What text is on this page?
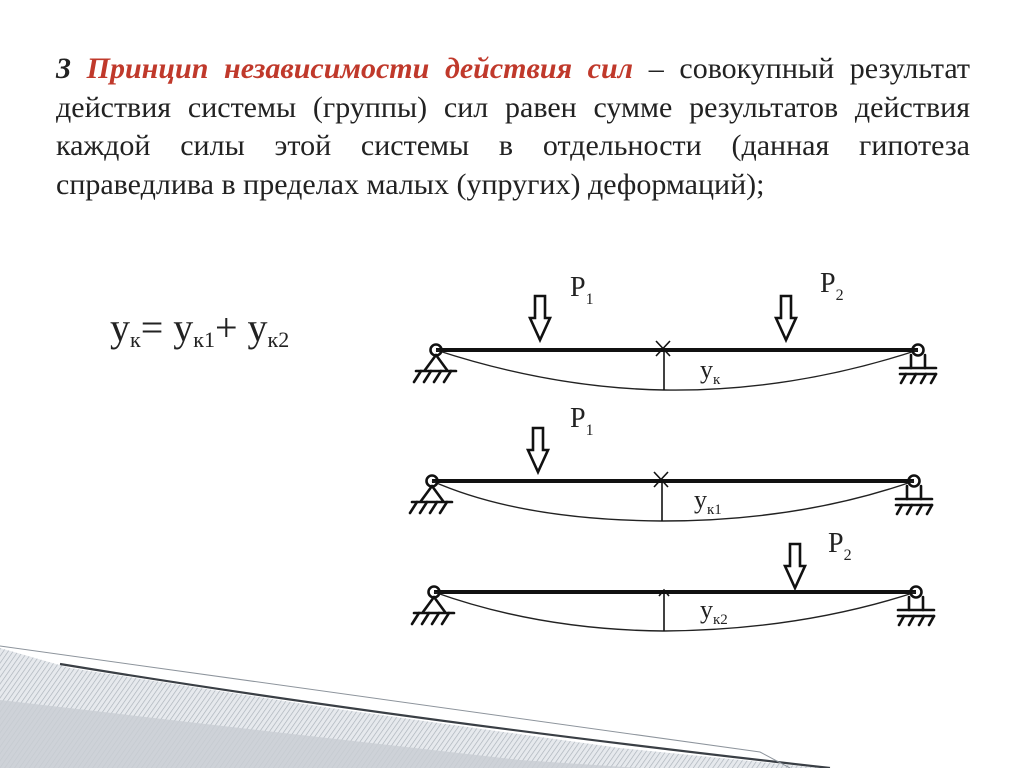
3 Принцип независимости действия сил – совокупный результат действия системы (группы) сил равен сумме результатов действия каждой силы этой системы в отдельности (данная гипотеза справедлива в пределах малых (упругих) деформаций);

$y_к= y_{к1}+ y_{к2}$
$P_1$
$P_2$
$y_к$
$P_1$
$y_{к1}$
$P_2$
$y_{к2}$
